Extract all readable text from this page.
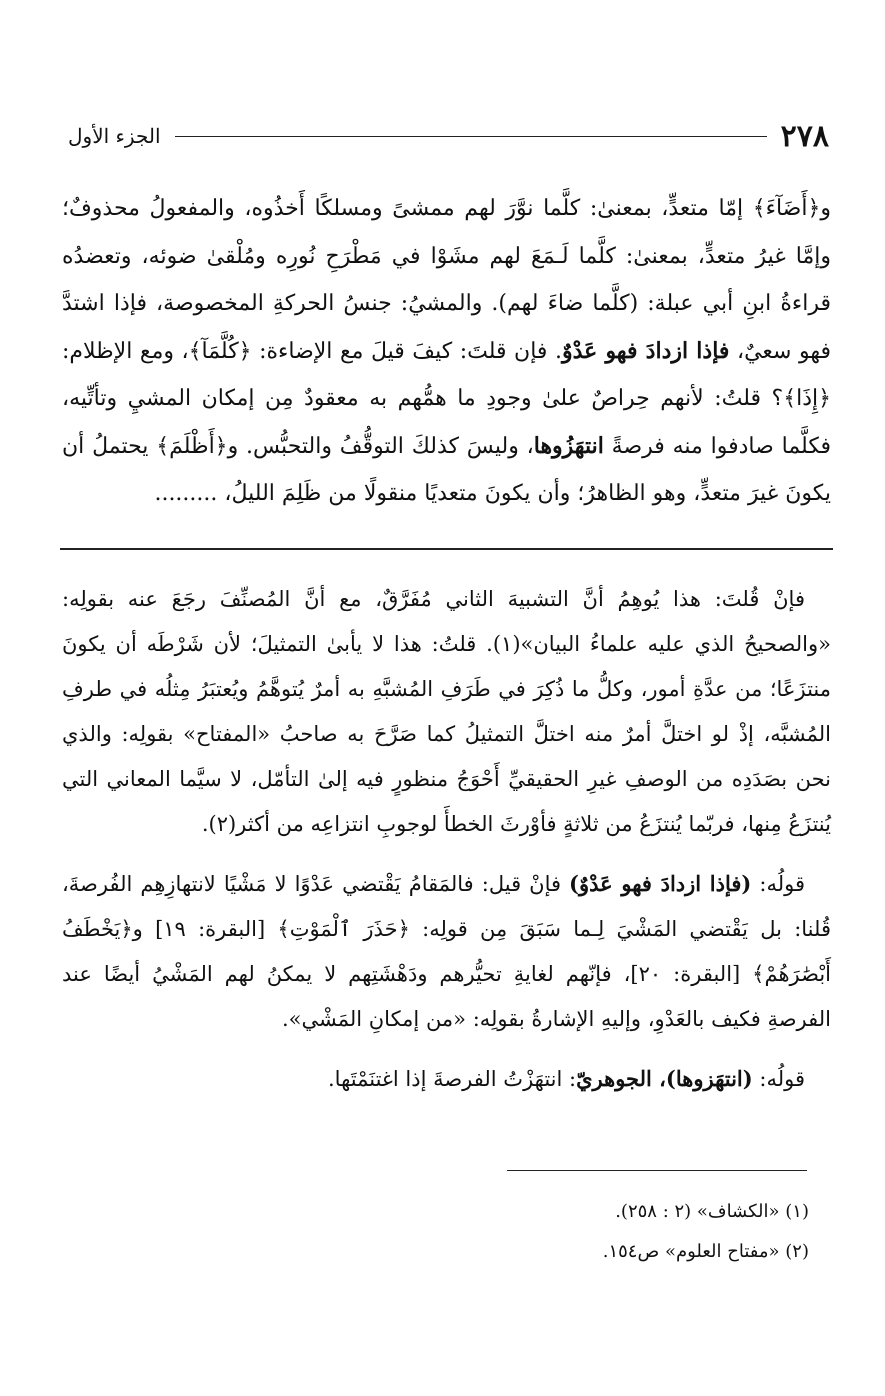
٢٧٨
الجزء الأول

و﴿أَضَآءَ﴾ إمّا متعدٍّ، بمعنىٰ: كلَّما نوَّرَ لهم ممشىً ومسلكًا أَخذُوه، والمفعولُ محذوفٌ؛ وإمَّا غيرُ متعدٍّ، بمعنىٰ: كلَّما لَـمَعَ لهم مشَوْا في مَطْرَحِ نُورِه ومُلْقىٰ ضوئه، وتعضدُه قراءةُ ابنِ أبي عبلة: (كلَّما ضاءَ لهم). والمشيُ: جنسُ الحركةِ المخصوصة، فإذا اشتدَّ فهو سعيٌ، فإذا ازدادَ فهو عَدْوٌ. فإن قلتَ: كيفَ قيلَ مع الإضاءة: ﴿كُلَّمَآ﴾، ومع الإظلام: ﴿إِذَا﴾؟ قلتُ: لأنهم حِراصٌ علىٰ وجودِ ما همُّهم به معقودٌ مِن إمكان المشيِ وتأتِّيه، فكلَّما صادفوا منه فرصةً انتهَزُوها، وليسَ كذلكَ التوقُّفُ والتحبُّس. و﴿أَظْلَمَ﴾ يحتملُ أن يكونَ غيرَ متعدٍّ، وهو الظاهرُ؛ وأن يكونَ متعديًا منقولًا من ظَلِمَ الليلُ، .........

فإنْ قُلتَ: هذا يُوهِمُ أنَّ التشبيهَ الثاني مُفَرَّقٌ، مع أنَّ المُصنِّفَ رجَعَ عنه بقولِه: «والصحيحُ الذي عليه علماءُ البيان»(١). قلتُ: هذا لا يأبىٰ التمثيلَ؛ لأن شَرْطَه أن يكونَ منتزَعًا؛ من عدَّةِ أمور، وكلُّ ما ذُكِرَ في طَرَفِ المُشبَّهِ به أمرٌ يُتوهَّمُ ويُعتبَرُ مِثلُه في طرفِ المُشبَّه، إذْ لو اختلَّ أمرٌ منه اختلَّ التمثيلُ كما صَرَّحَ به صاحبُ «المفتاح» بقولِه: والذي نحن بصَدَدِه من الوصفِ غيرِ الحقيقيِّ أَحْوَجُ منظورٍ فيه إلىٰ التأمّل، لا سيَّما المعاني التي يُنتزَعُ مِنها، فربّما يُنتزَعُ من ثلاثةٍ فأوْرثَ الخطأَ لوجوبِ انتزاعِه من أكثر(٢).

قولُه: (فإذا ازدادَ فهو عَدْوٌ) فإنْ قيل: فالمَقامُ يَقْتضي عَدْوًا لا مَشْيًا لانتهازِهِم الفُرصةَ، قُلنا: بل يَقْتضي المَشْيَ لِـما سَبَقَ مِن قولِه: ﴿حَذَرَ ٱلْمَوْتِ﴾ [البقرة: ١٩] و﴿يَخْطَفُ أَبْصَٰرَهُمْ﴾ [البقرة: ٢٠]، فإنّهم لغايةِ تحيُّرهم ودَهْشَتِهم لا يمكنُ لهم المَشْيُ أيضًا عند الفرصةِ فكيف بالعَدْوِ، وإليهِ الإشارةُ بقولِه: «من إمكانِ المَشْي».

قولُه: (انتهَزوها)، الجوهريّ: انتهَزْتُ الفرصةَ إذا اغتنَمْتَها.

(١) «الكشاف» (٢ : ٢٥٨).
(٢) «مفتاح العلوم» ص١٥٤.
